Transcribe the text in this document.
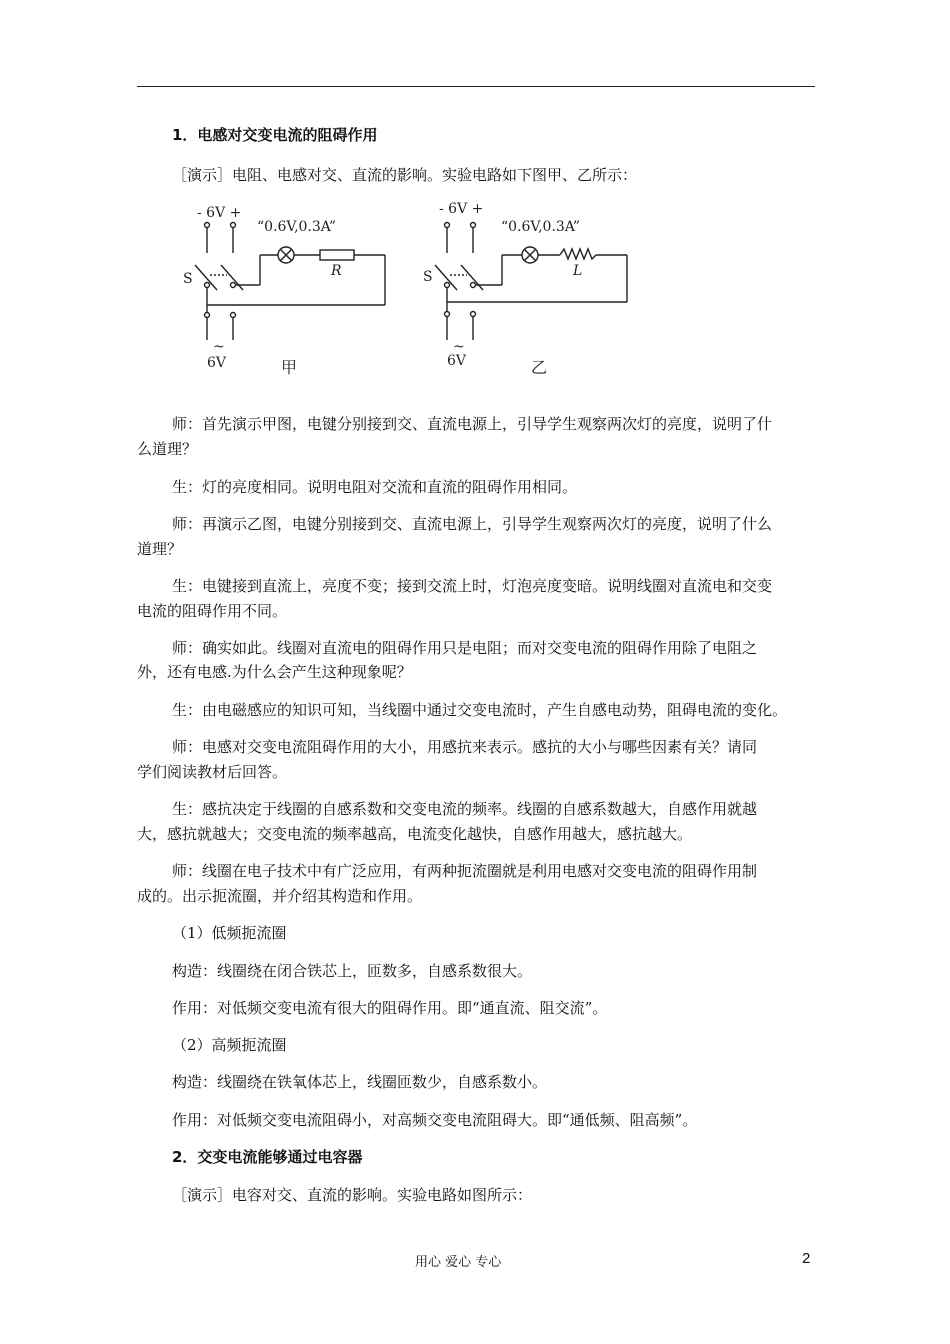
1．电感对交变电流的阻碍作用
［演示］电阻、电感对交、直流的影响。实验电路如下图甲、乙所示：
- 6V +
S
“0.6V,0.3A”
R
~
6V	甲
- 6V +
S
“0.6V,0.3A”
L
~
6V	乙
师：首先演示甲图，电键分别接到交、直流电源上，引导学生观察两次灯的亮度，说明了什
么道理？
生：灯的亮度相同。说明电阻对交流和直流的阻碍作用相同。
师：再演示乙图，电键分别接到交、直流电源上，引导学生观察两次灯的亮度，说明了什么
道理？
生：电键接到直流上，亮度不变；接到交流上时，灯泡亮度变暗。说明线圈对直流电和交变
电流的阻碍作用不同。
师：确实如此。线圈对直流电的阻碍作用只是电阻；而对交变电流的阻碍作用除了电阻之
外，还有电感.为什么会产生这种现象呢？
生：由电磁感应的知识可知，当线圈中通过交变电流时，产生自感电动势，阻碍电流的变化。
师：电感对交变电流阻碍作用的大小，用感抗来表示。感抗的大小与哪些因素有关？请同
学们阅读教材后回答。
生：感抗决定于线圈的自感系数和交变电流的频率。线圈的自感系数越大，自感作用就越
大，感抗就越大；交变电流的频率越高，电流变化越快，自感作用越大，感抗越大。
师：线圈在电子技术中有广泛应用，有两种扼流圈就是利用电感对交变电流的阻碍作用制
成的。出示扼流圈，并介绍其构造和作用。
（1）低频扼流圈
构造：线圈绕在闭合铁芯上，匝数多，自感系数很大。
作用：对低频交变电流有很大的阻碍作用。即“通直流、阻交流”。
（2）高频扼流圈
构造：线圈绕在铁氧体芯上，线圈匝数少，自感系数小。
作用：对低频交变电流阻碍小，对高频交变电流阻碍大。即“通低频、阻高频”。
2．交变电流能够通过电容器
［演示］电容对交、直流的影响。实验电路如图所示：
用心 爱心 专心	2
